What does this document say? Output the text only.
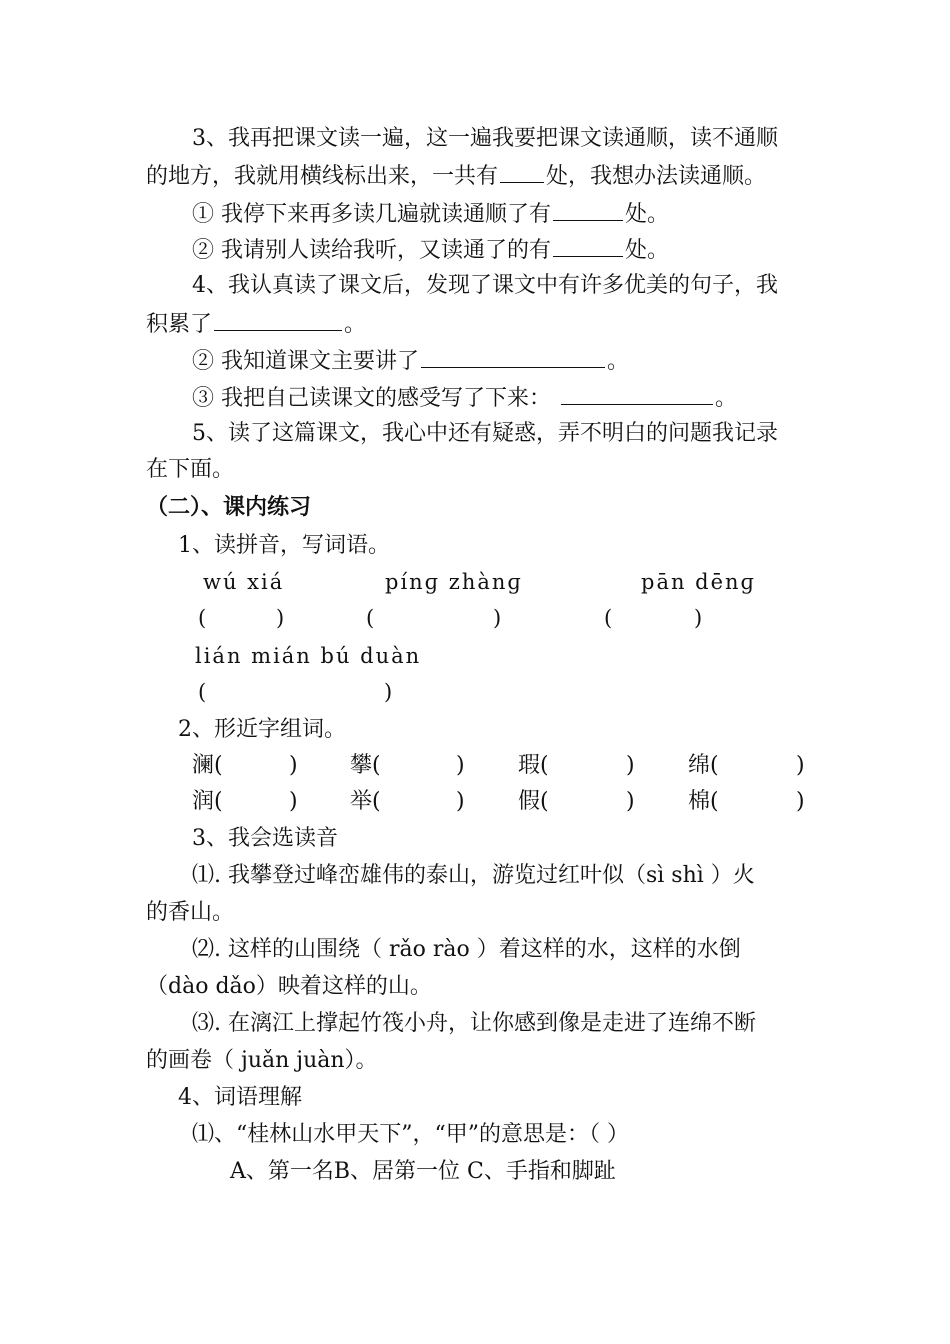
3、我再把课文读一遍，这一遍我要把课文读通顺，读不通顺
的地方，我就用横线标出来，一共有 处，我想办法读通顺。
① 我停下来再多读几遍就读通顺了有	处。
② 我请别人读给我听，又读通了的有	处。
4、我认真读了课文后，发现了课文中有许多优美的句子，我
积累了	。
② 我知道课文主要讲了	。
③ 我把自己读课文的感受写了下来：	。
5、读了这篇课文，我心中还有疑惑，弄不明白的问题我记录
在下面。
（二）、课内练习
1、读拼音，写词语。
wú xiá	pínɡ zhànɡ	pān dēnɡ
(	)	(	)	(	)
lián mián bú duàn
(	)
2、形近字组词。
澜(	) 攀(	) 瑕(	) 绵(	)
润(	) 举(	) 假(	) 棉(	)
3、我会选读音
⑴. 我攀登过峰峦雄伟的泰山，游览过红叶似（sì shì ）火
的香山。
⑵. 这样的山围绕（ rǎo rào ）着这样的水，这样的水倒
（dào dǎo）映着这样的山。
⑶. 在漓江上撑起竹筏小舟，让你感到像是走进了连绵不断
的画卷（ juǎn juàn）。
4、词语理解
⑴、“桂林山水甲天下”，“甲”的意思是：（ ）
A、第一名B、居第一位 C、手指和脚趾
